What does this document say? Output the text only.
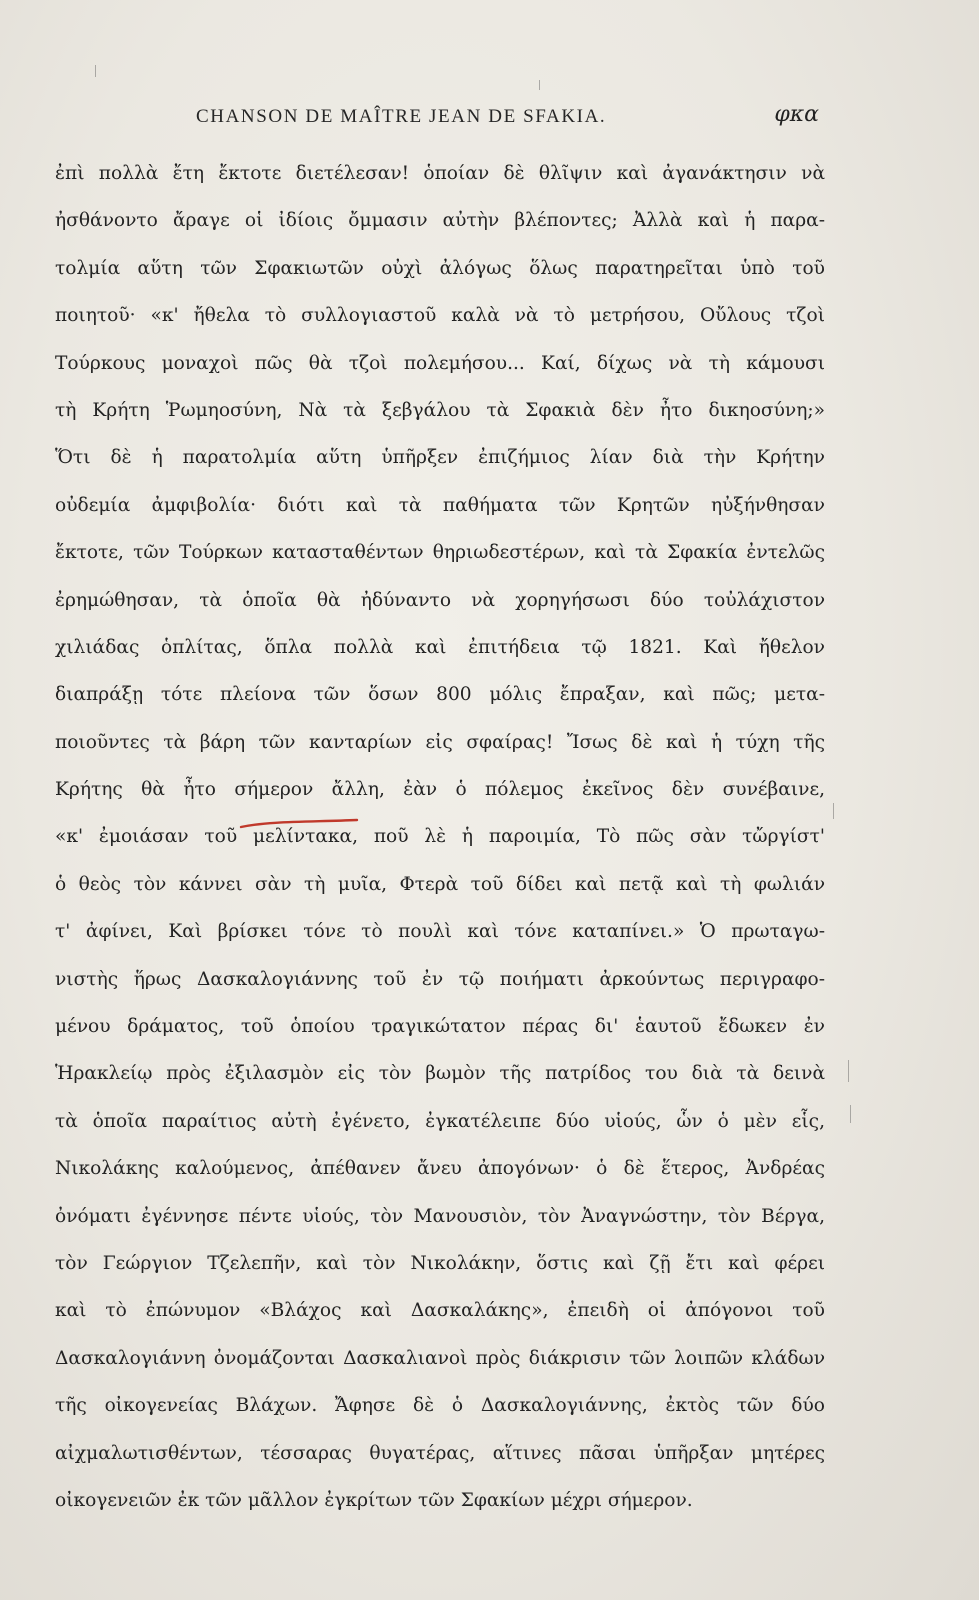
CHANSON DE MAÎTRE JEAN DE SFAKIA.	φκα
ἐπὶ πολλὰ ἔτη ἔκτοτε διετέλεσαν! ὁποίαν δὲ θλῖψιν καὶ ἀγανάκτησιν νὰ
ἠσθάνοντο ἄραγε οἱ ἰδίοις ὄμμασιν αὐτὴν βλέποντες; Ἀλλὰ καὶ ἡ παρα-
τολμία αὕτη τῶν Σφακιωτῶν οὐχὶ ἀλόγως ὅλως παρατηρεῖται ὑπὸ τοῦ
ποιητοῦ· «κ' ἤθελα τὸ συλλογιαστοῦ καλὰ νὰ τὸ μετρήσου, Οὔλους τζοὶ
Τούρκους μοναχοὶ πῶς θὰ τζοὶ πολεμήσου... Καί, δίχως νὰ τὴ κάμουσι
τὴ Κρήτη Ῥωμηοσύνη, Νὰ τὰ ξεβγάλου τὰ Σφακιὰ δὲν ἦτο δικηοσύνη;»
Ὅτι δὲ ἡ παρατολμία αὕτη ὑπῆρξεν ἐπιζήμιος λίαν διὰ τὴν Κρήτην
οὐδεμία ἀμφιβολία· διότι καὶ τὰ παθήματα τῶν Κρητῶν ηὐξήνθησαν
ἔκτοτε, τῶν Τούρκων κατασταθέντων θηριωδεστέρων, καὶ τὰ Σφακία ἐντελῶς
ἐρημώθησαν, τὰ ὁποῖα θὰ ἠδύναντο νὰ χορηγήσωσι δύο τοὐλάχιστον
χιλιάδας ὁπλίτας, ὅπλα πολλὰ καὶ ἐπιτήδεια τῷ 1821. Καὶ ἤθελον
διαπράξῃ τότε πλείονα τῶν ὅσων 800 μόλις ἔπραξαν, καὶ πῶς; μετα-
ποιοῦντες τὰ βάρη τῶν κανταρίων εἰς σφαίρας! Ἴσως δὲ καὶ ἡ τύχη τῆς
Κρήτης θὰ ἦτο σήμερον ἄλλη, ἐὰν ὁ πόλεμος ἐκεῖνος δὲν συνέβαινε,
«κ' ἐμοιάσαν τοῦ μελίντακα, ποῦ λὲ ἡ παροιμία, Τὸ πῶς σὰν τὤργίστ'
ὁ θεὸς τὸν κάννει σὰν τὴ μυῖα, Φτερὰ τοῦ δίδει καὶ πετᾷ καὶ τὴ φωλιάν
τ' ἀφίνει, Καὶ βρίσκει τόνε τὸ πουλὶ καὶ τόνε καταπίνει.» Ὁ πρωταγω-
νιστὴς ἥρως Δασκαλογιάννης τοῦ ἐν τῷ ποιήματι ἀρκούντως περιγραφο-
μένου δράματος, τοῦ ὁποίου τραγικώτατον πέρας δι' ἑαυτοῦ ἔδωκεν ἐν
Ἡρακλείῳ πρὸς ἐξιλασμὸν εἰς τὸν βωμὸν τῆς πατρίδος του διὰ τὰ δεινὰ
τὰ ὁποῖα παραίτιος αὐτὴ ἐγένετο, ἐγκατέλειπε δύο υἱούς, ὧν ὁ μὲν εἷς,
Νικολάκης καλούμενος, ἀπέθανεν ἄνευ ἀπογόνων· ὁ δὲ ἕτερος, Ἀνδρέας
ὀνόματι ἐγέννησε πέντε υἱούς, τὸν Μανουσιὸν, τὸν Ἀναγνώστην, τὸν Βέργα,
τὸν Γεώργιον Τζελεπῆν, καὶ τὸν Νικολάκην, ὅστις καὶ ζῇ ἔτι καὶ φέρει
καὶ τὸ ἐπώνυμον «Βλάχος καὶ Δασκαλάκης», ἐπειδὴ οἱ ἀπόγονοι τοῦ
Δασκαλογιάννη ὀνομάζονται Δασκαλιανοὶ πρὸς διάκρισιν τῶν λοιπῶν κλάδων
τῆς οἰκογενείας Βλάχων. Ἄφησε δὲ ὁ Δασκαλογιάννης, ἐκτὸς τῶν δύο
αἰχμαλωτισθέντων, τέσσαρας θυγατέρας, αἵτινες πᾶσαι ὑπῆρξαν μητέρες
οἰκογενειῶν ἐκ τῶν μᾶλλον ἐγκρίτων τῶν Σφακίων μέχρι σήμερον.
